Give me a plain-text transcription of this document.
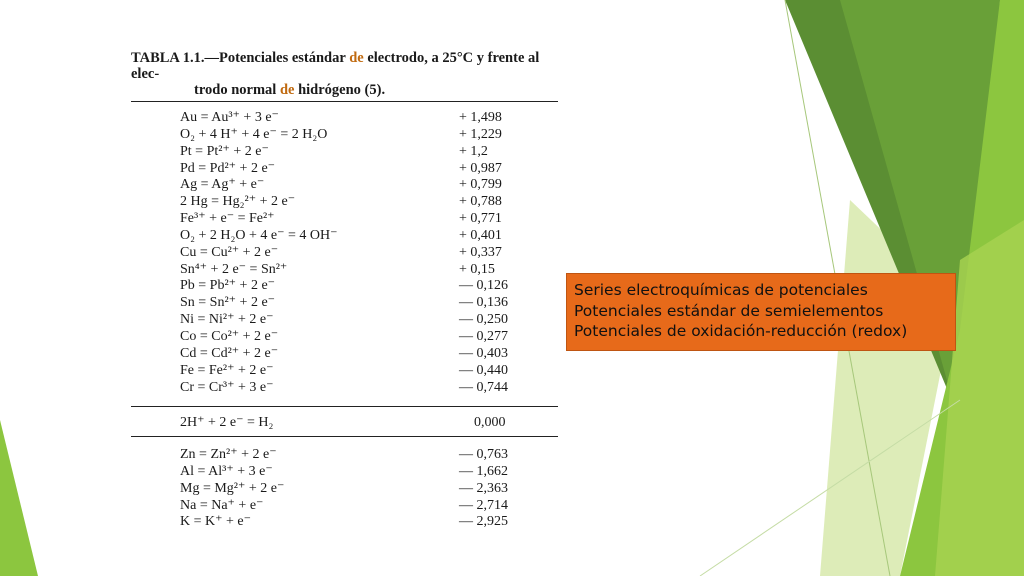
TABLA 1.1.—Potenciales estándar de electrodo, a 25°C y frente al elec-
trodo normal de hidrógeno (5).
Au = Au³⁺ + 3 e⁻	+ 1,498
O₂ + 4 H⁺ + 4 e⁻ = 2 H₂O	+ 1,229
Pt = Pt²⁺ + 2 e⁻	+ 1,2
Pd = Pd²⁺ + 2 e⁻	+ 0,987
Ag = Ag⁺ + e⁻	+ 0,799
2 Hg = Hg₂²⁺ + 2 e⁻	+ 0,788
Fe³⁺ + e⁻ = Fe²⁺	+ 0,771
O₂ + 2 H₂O + 4 e⁻ = 4 OH⁻	+ 0,401
Cu = Cu²⁺ + 2 e⁻	+ 0,337
Sn⁴⁺ + 2 e⁻ = Sn²⁺	+ 0,15
Pb = Pb²⁺ + 2 e⁻	— 0,126
Sn = Sn²⁺ + 2 e⁻	— 0,136
Ni = Ni²⁺ + 2 e⁻	— 0,250
Co = Co²⁺ + 2 e⁻	— 0,277
Cd = Cd²⁺ + 2 e⁻	— 0,403
Fe = Fe²⁺ + 2 e⁻	— 0,440
Cr = Cr³⁺ + 3 e⁻	— 0,744
2H⁺ + 2 e⁻ = H₂	0,000
Zn = Zn²⁺ + 2 e⁻	— 0,763
Al = Al³⁺ + 3 e⁻	— 1,662
Mg = Mg²⁺ + 2 e⁻	— 2,363
Na = Na⁺ + e⁻	— 2,714
K = K⁺ + e⁻	— 2,925
Series electroquímicas de potenciales
Potenciales estándar de semielementos
Potenciales de oxidación-reducción (redox)
